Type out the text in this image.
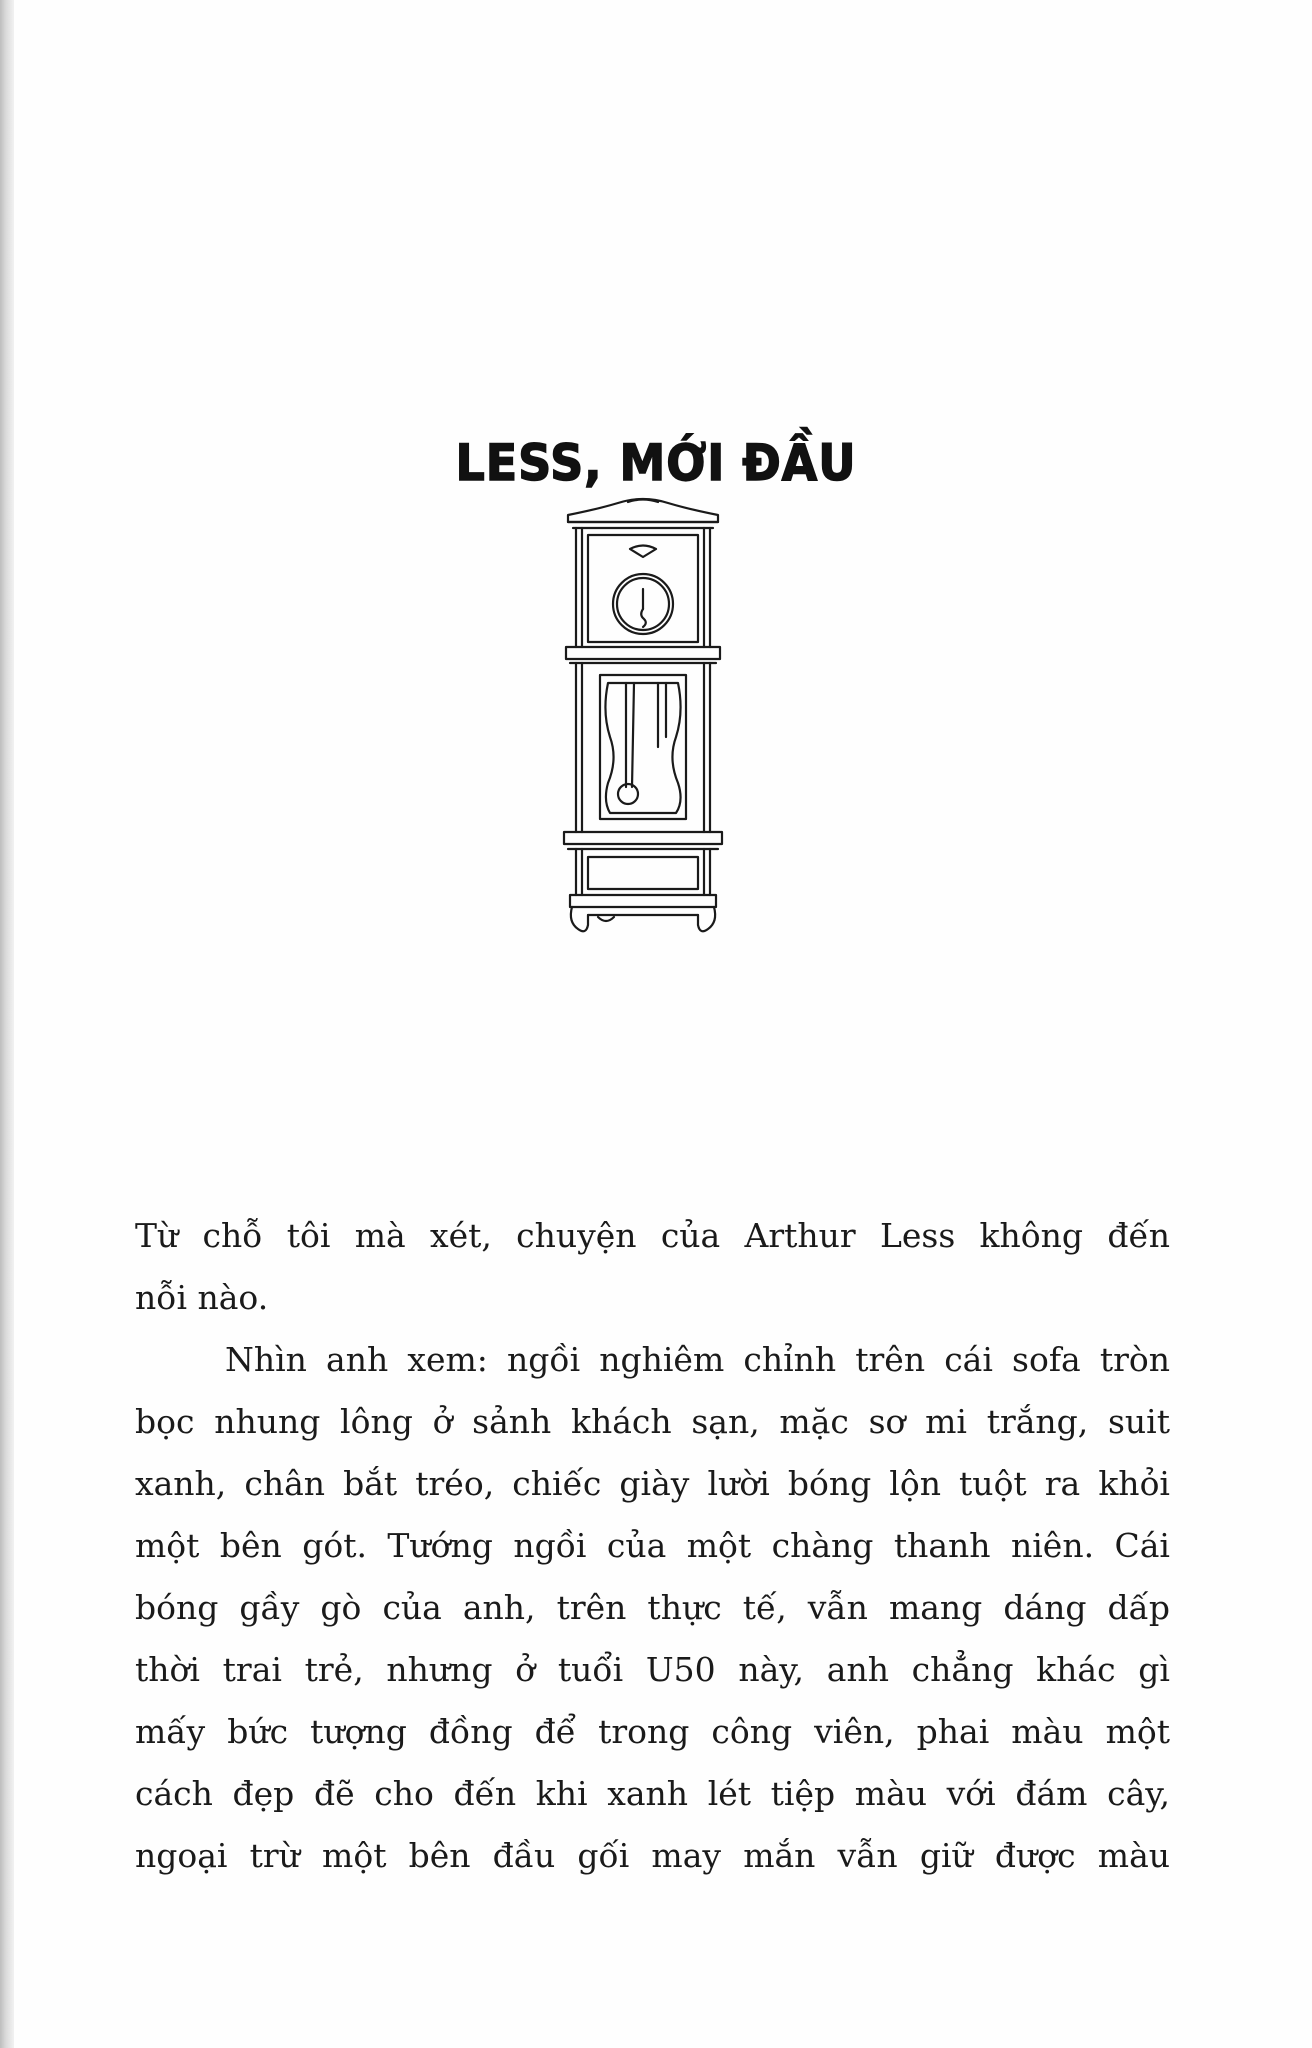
LESS, MỚI ĐẦU

Từ chỗ tôi mà xét, chuyện của Arthur Less không đến
nỗi nào.

Nhìn anh xem: ngồi nghiêm chỉnh trên cái sofa tròn
bọc nhung lông ở sảnh khách sạn, mặc sơ mi trắng, suit
xanh, chân bắt tréo, chiếc giày lười bóng lộn tuột ra khỏi
một bên gót. Tướng ngồi của một chàng thanh niên. Cái
bóng gầy gò của anh, trên thực tế, vẫn mang dáng dấp
thời trai trẻ, nhưng ở tuổi U50 này, anh chẳng khác gì
mấy bức tượng đồng để trong công viên, phai màu một
cách đẹp đẽ cho đến khi xanh lét tiệp màu với đám cây,
ngoại trừ một bên đầu gối may mắn vẫn giữ được màu
